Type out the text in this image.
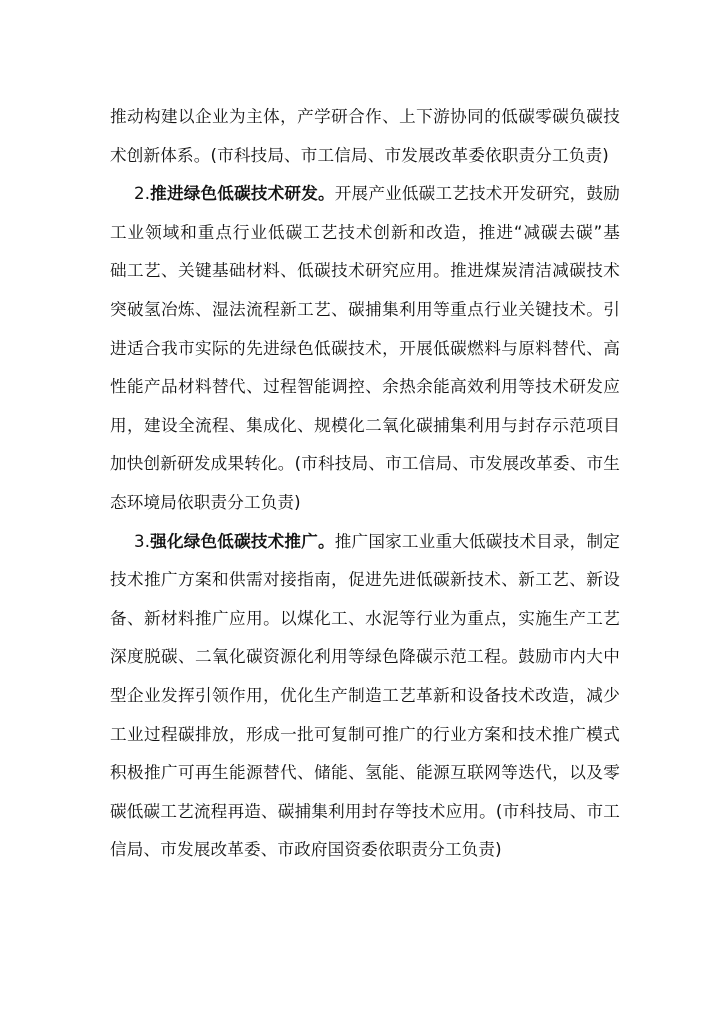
推动构建以企业为主体，产学研合作、上下游协同的低碳零碳负碳技
术创新体系。(市科技局、市工信局、市发展改革委依职责分工负责)
2.推进绿色低碳技术研发。开展产业低碳工艺技术开发研究，鼓励
工业领域和重点行业低碳工艺技术创新和改造，推进“减碳去碳”基
础工艺、关键基础材料、低碳技术研究应用。推进煤炭清洁减碳技术
突破氢冶炼、湿法流程新工艺、碳捕集利用等重点行业关键技术。引
进适合我市实际的先进绿色低碳技术，开展低碳燃料与原料替代、高
性能产品材料替代、过程智能调控、余热余能高效利用等技术研发应
用，建设全流程、集成化、规模化二氧化碳捕集利用与封存示范项目
加快创新研发成果转化。(市科技局、市工信局、市发展改革委、市生
态环境局依职责分工负责)
3.强化绿色低碳技术推广。推广国家工业重大低碳技术目录，制定
技术推广方案和供需对接指南，促进先进低碳新技术、新工艺、新设
备、新材料推广应用。以煤化工、水泥等行业为重点，实施生产工艺
深度脱碳、二氧化碳资源化利用等绿色降碳示范工程。鼓励市内大中
型企业发挥引领作用，优化生产制造工艺革新和设备技术改造，减少
工业过程碳排放，形成一批可复制可推广的行业方案和技术推广模式
积极推广可再生能源替代、储能、氢能、能源互联网等迭代，以及零
碳低碳工艺流程再造、碳捕集利用封存等技术应用。(市科技局、市工
信局、市发展改革委、市政府国资委依职责分工负责)
